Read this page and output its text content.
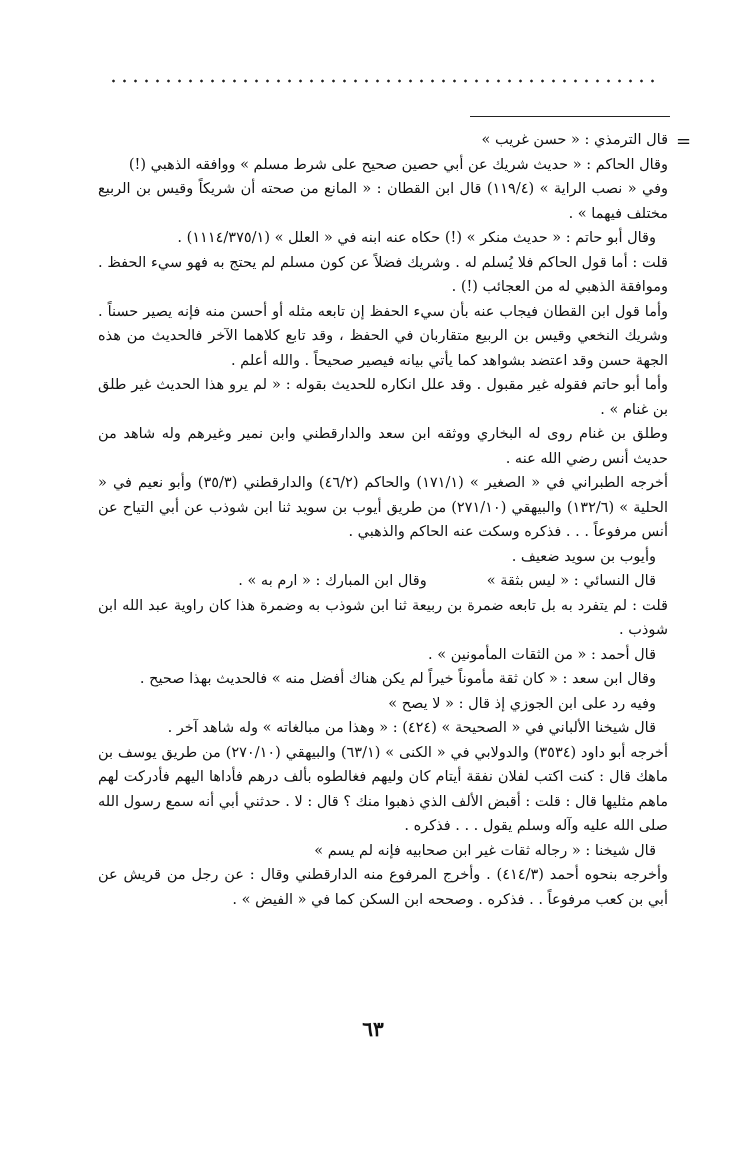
=

قال الترمذي : « حسن غريب »

وقال الحاكم : « حديث شريك عن أبي حصين صحيح على شرط مسلم » ووافقه الذهبي (!)

وفي « نصب الراية » (١١٩/٤) قال ابن القطان : « المانع من صحته أن شريكاً وقيس بن الربيع مختلف فيهما » .

وقال أبو حاتم : « حديث منكر » (!) حكاه عنه ابنه في « العلل » (١١١٤/٣٧٥/١) .

قلت : أما قول الحاكم فلا يُسلم له . وشريك فضلاً عن كون مسلم لم يحتج به فهو سيء الحفظ . وموافقة الذهبي له من العجائب (!) .

وأما قول ابن القطان فيجاب عنه بأن سيء الحفظ إن تابعه مثله أو أحسن منه فإنه يصير حسناً . وشريك النخعي وقيس بن الربيع متقاربان في الحفظ ، وقد تابع كلاهما الآخر فالحديث من هذه الجهة حسن وقد اعتضد بشواهد كما يأتي بيانه فيصير صحيحاً . والله أعلم .

وأما أبو حاتم فقوله غير مقبول . وقد علل انكاره للحديث بقوله : « لم يرو هذا الحديث غير طلق بن غنام » .

وطلق بن غنام روى له البخاري ووثقه ابن سعد والدارقطني وابن نمير وغيرهم وله شاهد من حديث أنس رضي الله عنه .

أخرجه الطبراني في « الصغير » (١٧١/١) والحاكم (٤٦/٢) والدارقطني (٣٥/٣) وأبو نعيم في « الحلية » (١٣٢/٦) والبيهقي (٢٧١/١٠) من طريق أيوب بن سويد ثنا ابن شوذب عن أبي التياح عن أنس مرفوعاً . . . فذكره وسكت عنه الحاكم والذهبي .

وأيوب بن سويد ضعيف .

قال النسائي : « ليس بثقة »وقال ابن المبارك : « ارم به » .

قلت : لم يتفرد به بل تابعه ضمرة بن ربيعة ثنا ابن شوذب به وضمرة هذا كان راوية عبد الله ابن شوذب .

قال أحمد : « من الثقات المأمونين » .

وقال ابن سعد : « كان ثقة مأموناً خيراً لم يكن هناك أفضل منه » فالحديث بهذا صحيح .

وفيه رد على ابن الجوزي إذ قال : « لا يصح »

قال شيخنا الألباني في « الصحيحة » (٤٢٤) : « وهذا من مبالغاته » وله شاهد آخر .

أخرجه أبو داود (٣٥٣٤) والدولابي في « الكنى » (٦٣/١) والبيهقي (٢٧٠/١٠) من طريق يوسف بن ماهك قال : كنت اكتب لفلان نفقة أيتام كان وليهم فغالطوه بألف درهم فأداها اليهم فأدركت لهم ماهم مثليها قال : قلت : أقبض الألف الذي ذهبوا منك ؟ قال : لا . حدثني أبي أنه سمع رسول الله صلى الله عليه وآله وسلم يقول . . . فذكره .

قال شيخنا : « رجاله ثقات غير ابن صحابيه فإنه لم يسم »

وأخرجه بنحوه أحمد (٤١٤/٣) . وأخرج المرفوع منه الدارقطني وقال : عن رجل من قريش عن أبي بن كعب مرفوعاً . . فذكره . وصححه ابن السكن كما في « الفيض » .

٦٣
